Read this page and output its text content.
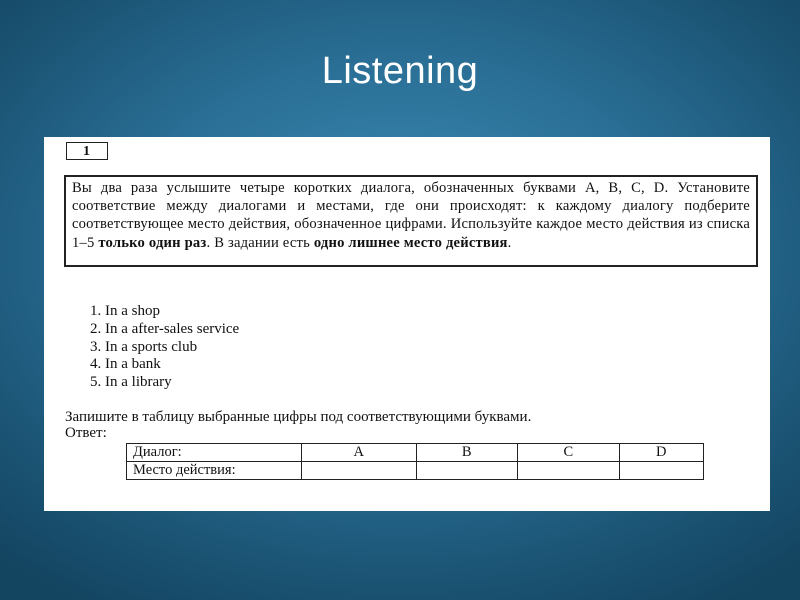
Listening
1
Вы два раза услышите четыре коротких диалога, обозначенных буквами A, B, C, D. Установите соответствие между диалогами и местами, где они происходят: к каждому диалогу подберите соответствующее место действия, обозначенное цифрами. Используйте каждое место действия из списка 1–5 только один раз. В задании есть одно лишнее место действия.
1. In a shop
2. In a after-sales service
3. In a sports club
4. In a bank
5. In a library
Запишите в таблицу выбранные цифры под соответствующими буквами.
Ответ:
Диалог:	A	B	C	D
Место действия:				
